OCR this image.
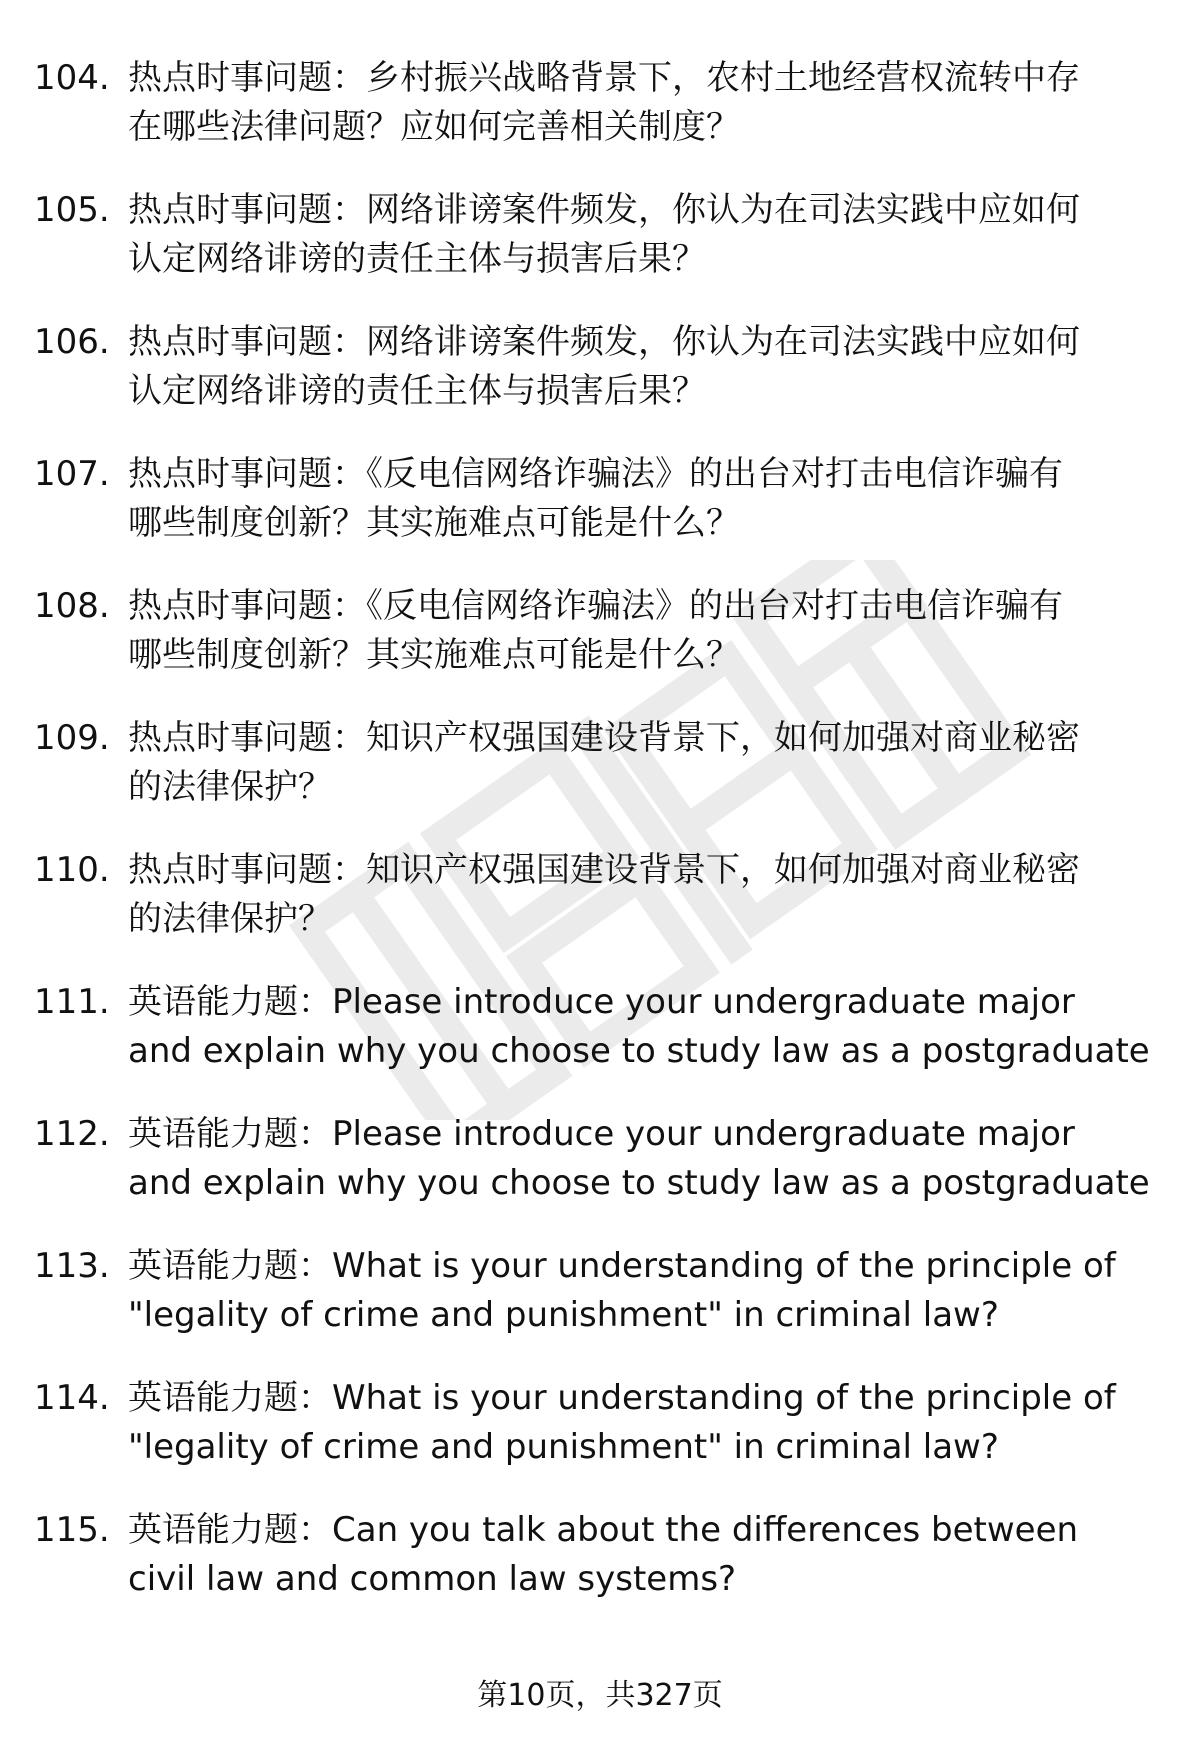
104. 热点时事问题：乡村振兴战略背景下，农村土地经营权流转中存
在哪些法律问题？应如何完善相关制度？
105. 热点时事问题：网络诽谤案件频发，你认为在司法实践中应如何
认定网络诽谤的责任主体与损害后果？
106. 热点时事问题：网络诽谤案件频发，你认为在司法实践中应如何
认定网络诽谤的责任主体与损害后果？
107. 热点时事问题：《反电信网络诈骗法》的出台对打击电信诈骗有
哪些制度创新？其实施难点可能是什么？
108. 热点时事问题：《反电信网络诈骗法》的出台对打击电信诈骗有
哪些制度创新？其实施难点可能是什么？
109. 热点时事问题：知识产权强国建设背景下，如何加强对商业秘密
的法律保护？
110. 热点时事问题：知识产权强国建设背景下，如何加强对商业秘密
的法律保护？
111. 英语能力题：Please introduce your undergraduate major
and explain why you choose to study law as a postgraduate
112. 英语能力题：Please introduce your undergraduate major
and explain why you choose to study law as a postgraduate
113. 英语能力题：What is your understanding of the principle of
"legality of crime and punishment" in criminal law?
114. 英语能力题：What is your understanding of the principle of
"legality of crime and punishment" in criminal law?
115. 英语能力题：Can you talk about the differences between
civil law and common law systems?
第10页，共327页
